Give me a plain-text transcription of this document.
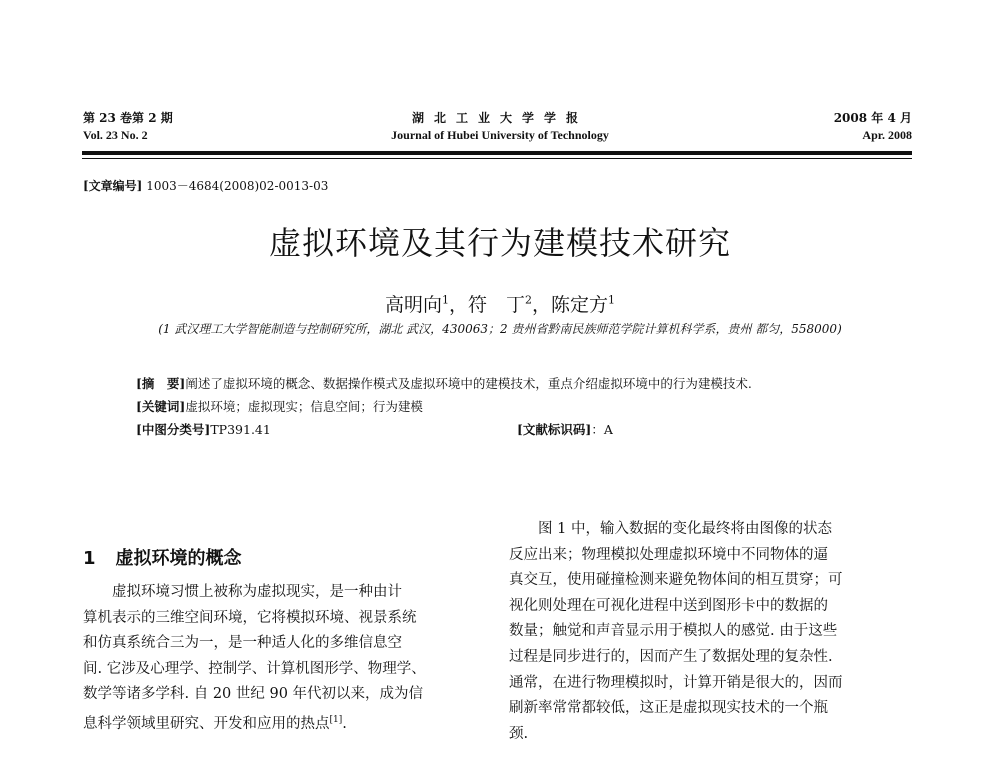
第 23 卷第 2 期
Vol. 23 No. 2
湖北工业大学学报
Journal of Hubei University of Technology
2008 年 4 月
Apr. 2008
[文章编号] 1003－4684(2008)02-0013-03
虚拟环境及其行为建模技术研究
高明向$^1$，符　丁$^2$，陈定方$^1$
(1 武汉理工大学智能制造与控制研究所，湖北 武汉，430063；2 贵州省黔南民族师范学院计算机科学系，贵州 都匀，558000)
[摘　要]阐述了虚拟环境的概念、数据操作模式及虚拟环境中的建模技术，重点介绍虚拟环境中的行为建模技术.
[关键词]虚拟环境；虚拟现实；信息空间；行为建模
[中图分类号]TP391.41	[文献标识码]：A
1 虚拟环境的概念
虚拟环境习惯上被称为虚拟现实，是一种由计
算机表示的三维空间环境，它将模拟环境、视景系统
和仿真系统合三为一，是一种适人化的多维信息空
间. 它涉及心理学、控制学、计算机图形学、物理学、
数学等诸多学科. 自 20 世纪 90 年代初以来，成为信
息科学领域里研究、开发和应用的热点[1].
图 1 中，输入数据的变化最终将由图像的状态
反应出来；物理模拟处理虚拟环境中不同物体的逼
真交互，使用碰撞检测来避免物体间的相互贯穿；可
视化则处理在可视化进程中送到图形卡中的数据的
数量；触觉和声音显示用于模拟人的感觉. 由于这些
过程是同步进行的，因而产生了数据处理的复杂性.
通常，在进行物理模拟时，计算开销是很大的，因而
刷新率常常都较低，这正是虚拟现实技术的一个瓶
颈.
